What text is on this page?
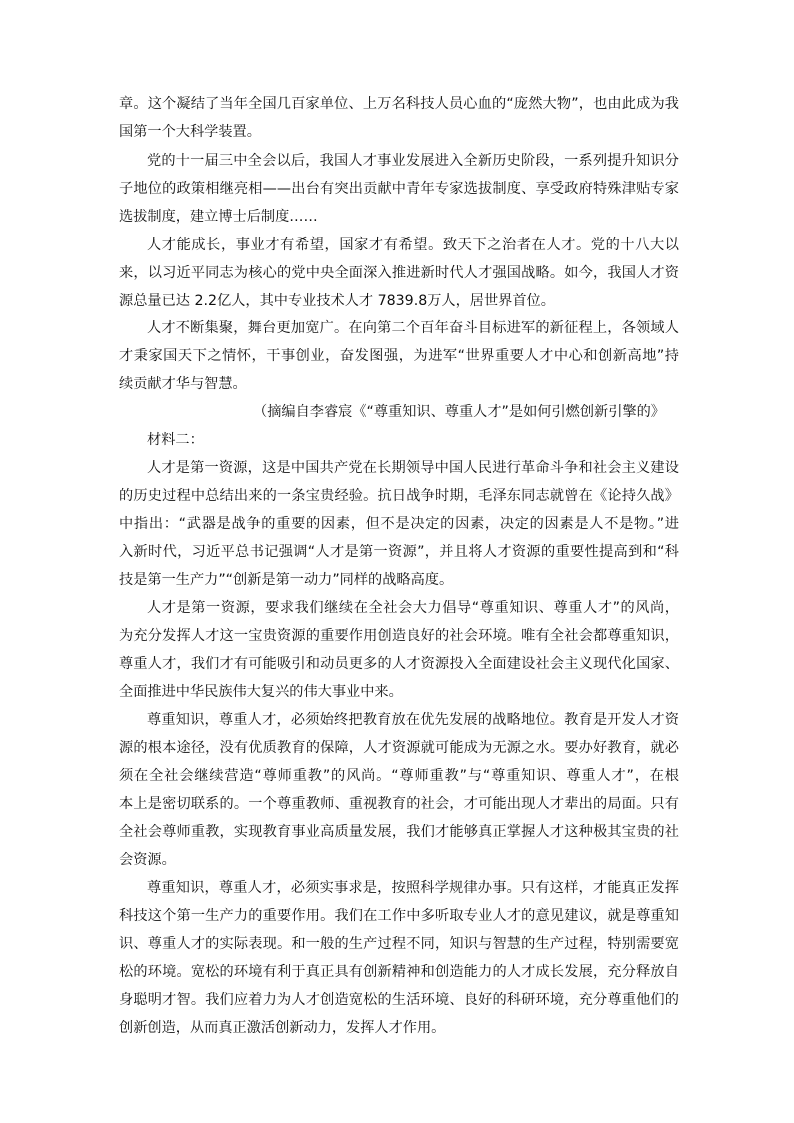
章。这个凝结了当年全国几百家单位、上万名科技人员心血的“庞然大物”，也由此成为我
国第一个大科学装置。
党的十一届三中全会以后，我国人才事业发展进入全新历史阶段，一系列提升知识分
子地位的政策相继亮相——出台有突出贡献中青年专家选拔制度、享受政府特殊津贴专家
选拔制度，建立博士后制度……
人才能成长，事业才有希望，国家才有希望。致天下之治者在人才。党的十八大以
来，以习近平同志为核心的党中央全面深入推进新时代人才强国战略。如今，我国人才资
源总量已达 2.2亿人，其中专业技术人才 7839.8万人，居世界首位。
人才不断集聚，舞台更加宽广。在向第二个百年奋斗目标进军的新征程上，各领域人
才秉家国天下之情怀，干事创业，奋发图强，为进军“世界重要人才中心和创新高地”持
续贡献才华与智慧。
（摘编自李睿宸《“尊重知识、尊重人才”是如何引燃创新引擎的》
材料二：
人才是第一资源，这是中国共产党在长期领导中国人民进行革命斗争和社会主义建设
的历史过程中总结出来的一条宝贵经验。抗日战争时期，毛泽东同志就曾在《论持久战》
中指出：“武器是战争的重要的因素，但不是决定的因素，决定的因素是人不是物。”进
入新时代，习近平总书记强调“人才是第一资源”，并且将人才资源的重要性提高到和“科
技是第一生产力”“创新是第一动力”同样的战略高度。
人才是第一资源，要求我们继续在全社会大力倡导“尊重知识、尊重人才”的风尚，
为充分发挥人才这一宝贵资源的重要作用创造良好的社会环境。唯有全社会都尊重知识，
尊重人才，我们才有可能吸引和动员更多的人才资源投入全面建设社会主义现代化国家、
全面推进中华民族伟大复兴的伟大事业中来。
尊重知识，尊重人才，必须始终把教育放在优先发展的战略地位。教育是开发人才资
源的根本途径，没有优质教育的保障，人才资源就可能成为无源之水。要办好教育，就必
须在全社会继续营造“尊师重教”的风尚。“尊师重教”与“尊重知识、尊重人才”，在根
本上是密切联系的。一个尊重教师、重视教育的社会，才可能出现人才辈出的局面。只有
全社会尊师重教，实现教育事业高质量发展，我们才能够真正掌握人才这种极其宝贵的社
会资源。
尊重知识，尊重人才，必须实事求是，按照科学规律办事。只有这样，才能真正发挥
科技这个第一生产力的重要作用。我们在工作中多听取专业人才的意见建议，就是尊重知
识、尊重人才的实际表现。和一般的生产过程不同，知识与智慧的生产过程，特别需要宽
松的环境。宽松的环境有利于真正具有创新精神和创造能力的人才成长发展，充分释放自
身聪明才智。我们应着力为人才创造宽松的生活环境、良好的科研环境，充分尊重他们的
创新创造，从而真正激活创新动力，发挥人才作用。
